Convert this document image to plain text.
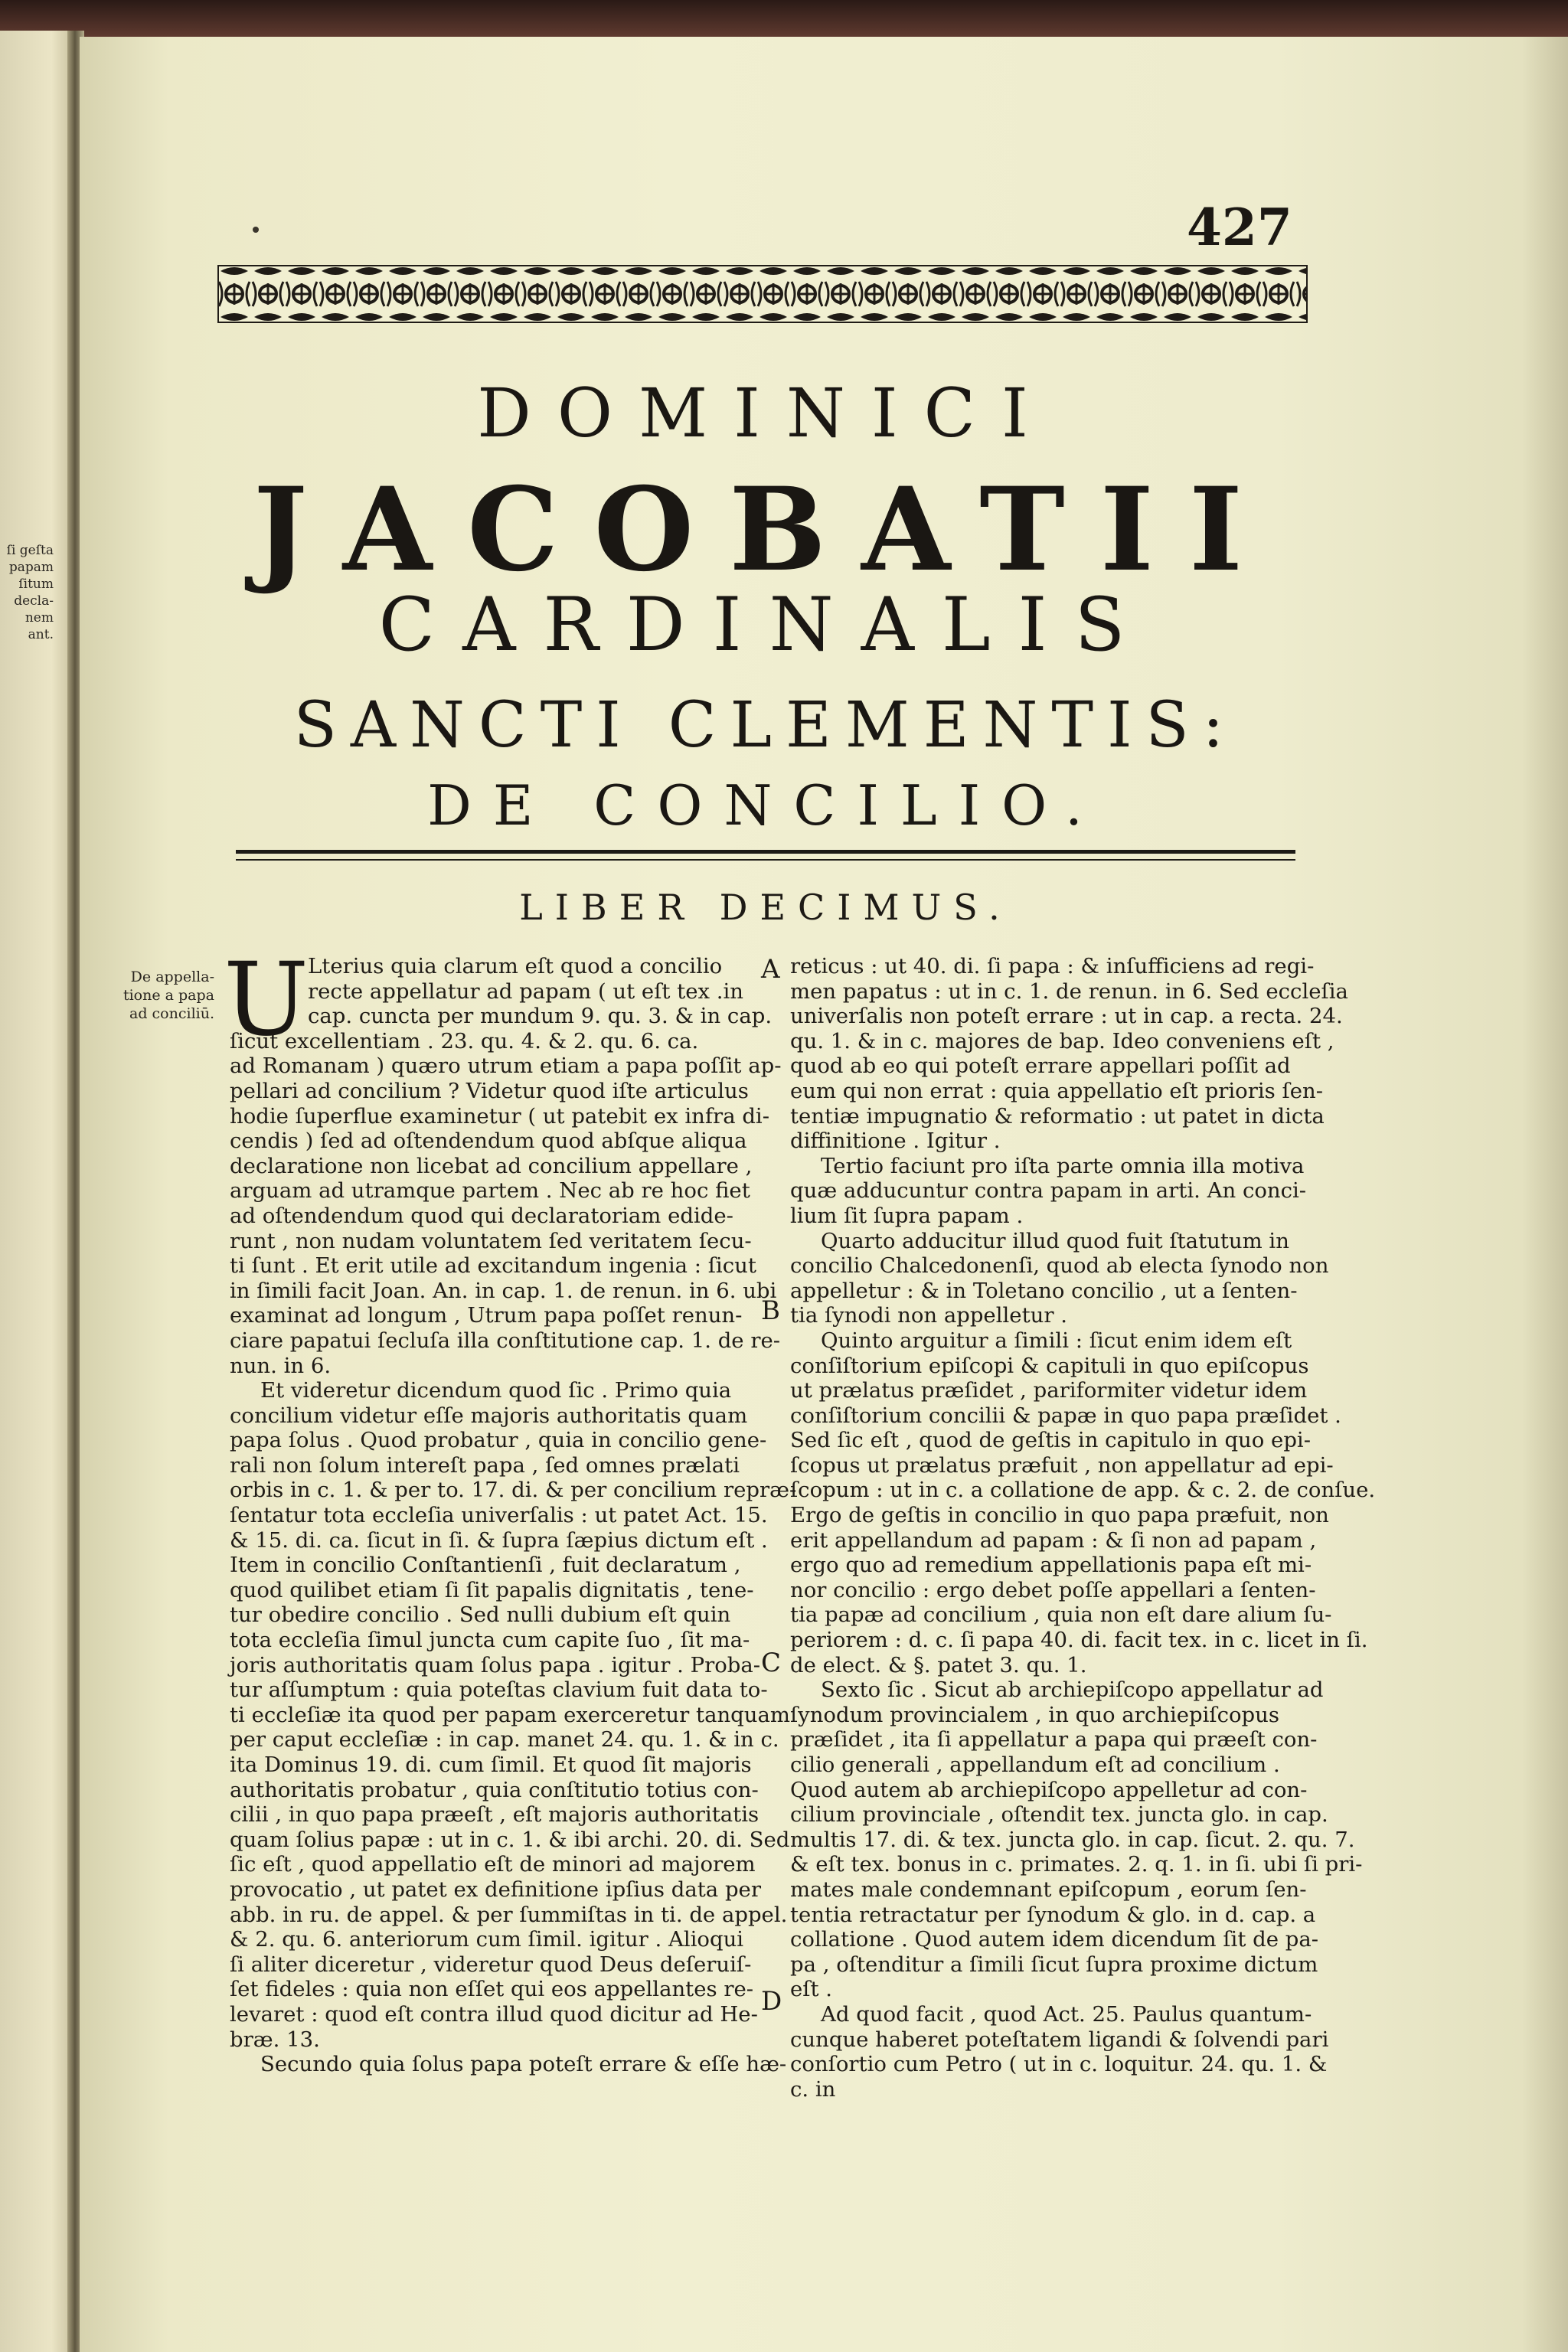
ſi geſta
papam
ſitum
decla-
nem
ant.
427
DOMINICI
JACOBATII
CARDINALIS
SANCTI CLEMENTIS:
DE CONCILIO.
LIBER DECIMUS.
De appella-
tione a papa
ad conciliū. U	A
B
C
D
Lterius quia clarum eſt quod a concilio
recte appellatur ad papam ( ut eſt tex .in
cap. cuncta per mundum 9. qu. 3. & in cap.
ſicut excellentiam . 23. qu. 4. & 2. qu. 6. ca.
ad Romanam ) quæro utrum etiam a papa poſſit ap-
pellari ad concilium ? Videtur quod iſte articulus
hodie ſuperflue examinetur ( ut patebit ex infra di-
cendis ) ſed ad oſtendendum quod abſque aliqua
declaratione non licebat ad concilium appellare ,
arguam ad utramque partem . Nec ab re hoc fiet
ad oſtendendum quod qui declaratoriam edide-
runt , non nudam voluntatem ſed veritatem ſecu-
ti ſunt . Et erit utile ad excitandum ingenia : ſicut
in ſimili facit Joan. An. in cap. 1. de renun. in 6. ubi
examinat ad longum , Utrum papa poſſet renun-
ciare papatui ſecluſa illa conſtitutione cap. 1. de re-
nun. in 6.
Et videretur dicendum quod ſic . Primo quia
concilium videtur eſſe majoris authoritatis quam
papa ſolus . Quod probatur , quia in concilio gene-
rali non ſolum intereſt papa , ſed omnes prælati
orbis in c. 1. & per to. 17. di. & per concilium repræ-
ſentatur tota eccleſia univerſalis : ut patet Act. 15.
& 15. di. ca. ſicut in ſi. & ſupra ſæpius dictum eſt .
Item in concilio Conſtantienſi , fuit declaratum ,
quod quilibet etiam ſi ſit papalis dignitatis , tene-
tur obedire concilio . Sed nulli dubium eſt quin
tota eccleſia ſimul juncta cum capite ſuo , ſit ma-
joris authoritatis quam ſolus papa . igitur . Proba-
tur aſſumptum : quia poteſtas clavium fuit data to-
ti eccleſiæ ita quod per papam exerceretur tanquam
per caput eccleſiæ : in cap. manet 24. qu. 1. & in c.
ita Dominus 19. di. cum ſimil. Et quod ſit majoris
authoritatis probatur , quia conſtitutio totius con-
cilii , in quo papa præeſt , eſt majoris authoritatis
quam ſolius papæ : ut in c. 1. & ibi archi. 20. di. Sed
ſic eſt , quod appellatio eſt de minori ad majorem
provocatio , ut patet ex definitione ipſius data per
abb. in ru. de appel. & per ſummiſtas in ti. de appel.
& 2. qu. 6. anteriorum cum ſimil. igitur . Alioqui
ſi aliter diceretur , videretur quod Deus deſeruiſ-
ſet fideles : quia non eſſet qui eos appellantes re-
levaret : quod eſt contra illud quod dicitur ad He-
bræ. 13.
Secundo quia ſolus papa poteſt errare & eſſe hæ-
reticus : ut 40. di. ſi papa : & inſufficiens ad regi-
men papatus : ut in c. 1. de renun. in 6. Sed eccleſia
univerſalis non poteſt errare : ut in cap. a recta. 24.
qu. 1. & in c. majores de bap. Ideo conveniens eſt ,
quod ab eo qui poteſt errare appellari poſſit ad
eum qui non errat : quia appellatio eſt prioris ſen-
tentiæ impugnatio & reformatio : ut patet in dicta
diffinitione . Igitur .
Tertio faciunt pro iſta parte omnia illa motiva
quæ adducuntur contra papam in arti. An conci-
lium ſit ſupra papam .
Quarto adducitur illud quod fuit ſtatutum in
concilio Chalcedonenſi, quod ab electa ſynodo non
appelletur : & in Toletano concilio , ut a ſenten-
tia ſynodi non appelletur .
Quinto arguitur a ſimili : ſicut enim idem eſt
conſiſtorium epiſcopi & capituli in quo epiſcopus
ut prælatus præſidet , pariformiter videtur idem
conſiſtorium concilii & papæ in quo papa præſidet .
Sed ſic eſt , quod de geſtis in capitulo in quo epi-
ſcopus ut prælatus præfuit , non appellatur ad epi-
ſcopum : ut in c. a collatione de app. & c. 2. de conſue.
Ergo de geſtis in concilio in quo papa præfuit, non
erit appellandum ad papam : & ſi non ad papam ,
ergo quo ad remedium appellationis papa eſt mi-
nor concilio : ergo debet poſſe appellari a ſenten-
tia papæ ad concilium , quia non eſt dare alium ſu-
periorem : d. c. ſi papa 40. di. facit tex. in c. licet in ſi.
de elect. & §. patet 3. qu. 1.
Sexto ſic . Sicut ab archiepiſcopo appellatur ad
ſynodum provincialem , in quo archiepiſcopus
præſidet , ita ſi appellatur a papa qui præeſt con-
cilio generali , appellandum eſt ad concilium .
Quod autem ab archiepiſcopo appelletur ad con-
cilium provinciale , oſtendit tex. juncta glo. in cap.
multis 17. di. & tex. juncta glo. in cap. ſicut. 2. qu. 7.
& eſt tex. bonus in c. primates. 2. q. 1. in ſi. ubi ſi pri-
mates male condemnant epiſcopum , eorum ſen-
tentia retractatur per ſynodum & glo. in d. cap. a
collatione . Quod autem idem dicendum ſit de pa-
pa , oſtenditur a ſimili ſicut ſupra proxime dictum
eſt .
Ad quod facit , quod Act. 25. Paulus quantum-
cunque haberet poteſtatem ligandi & ſolvendi pari
conſortio cum Petro ( ut in c. loquitur. 24. qu. 1. &
c. in
